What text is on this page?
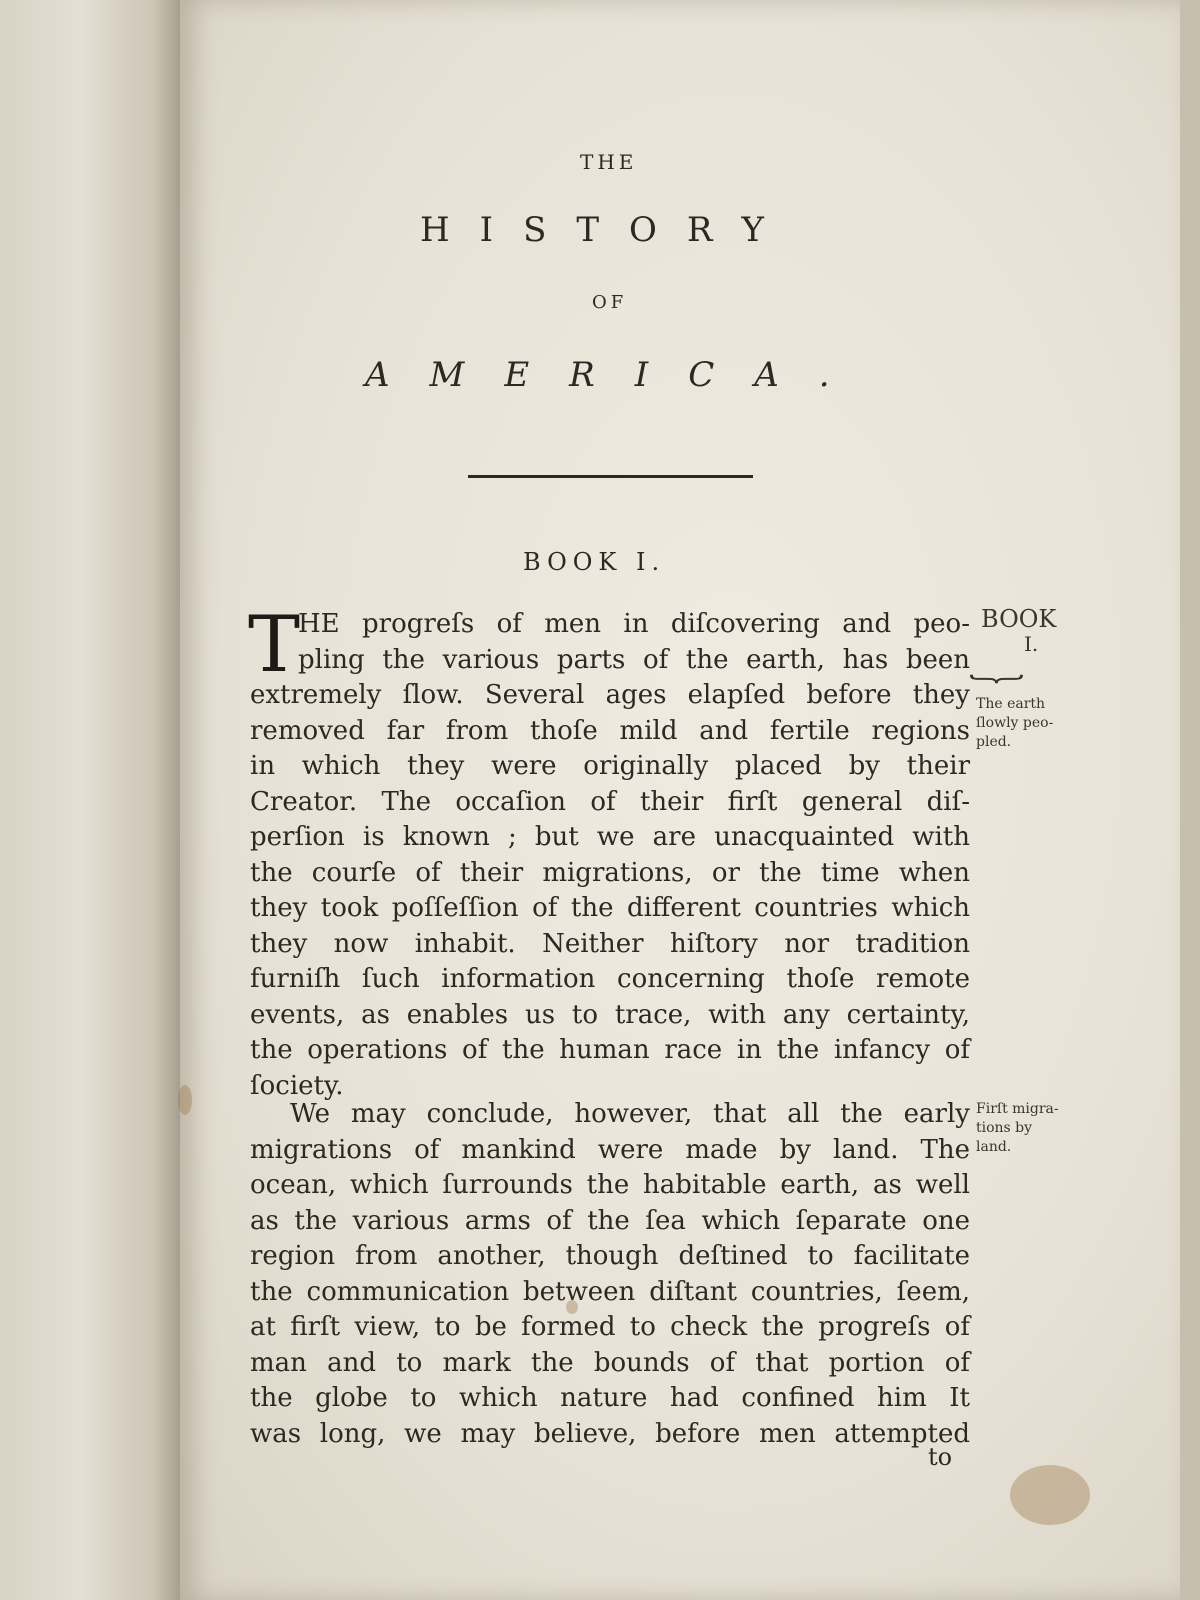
THE
HISTORY
OF
AMERICA.
BOOK I.
T
HE progreſs of men in diſcovering and peo-
pling the various parts of the earth, has been
extremely ſlow. Several ages elapſed before they
removed far from thoſe mild and fertile regions
in which they were originally placed by their
Creator. The occaſion of their firſt general diſ-
perſion is known ; but we are unacquainted with
the courſe of their migrations, or the time when
they took poſſeſſion of the different countries which
they now inhabit. Neither hiſtory nor tradition
furniſh ſuch information concerning thoſe remote
events, as enables us to trace, with any certainty,
the operations of the human race in the infancy of
ſociety.
We may conclude, however, that all the early
migrations of mankind were made by land. The
ocean, which ſurrounds the habitable earth, as well
as the various arms of the ſea which ſeparate one
region from another, though deſtined to facilitate
the communication between diſtant countries, ſeem,
at firſt view, to be formed to check the progreſs of
man and to mark the bounds of that portion of
the globe to which nature had confined him It
was long, we may believe, before men attempted
BOOK
I.
}
The earth
ſlowly peo-
pled.
Firſt migra-
tions by
land.
to
